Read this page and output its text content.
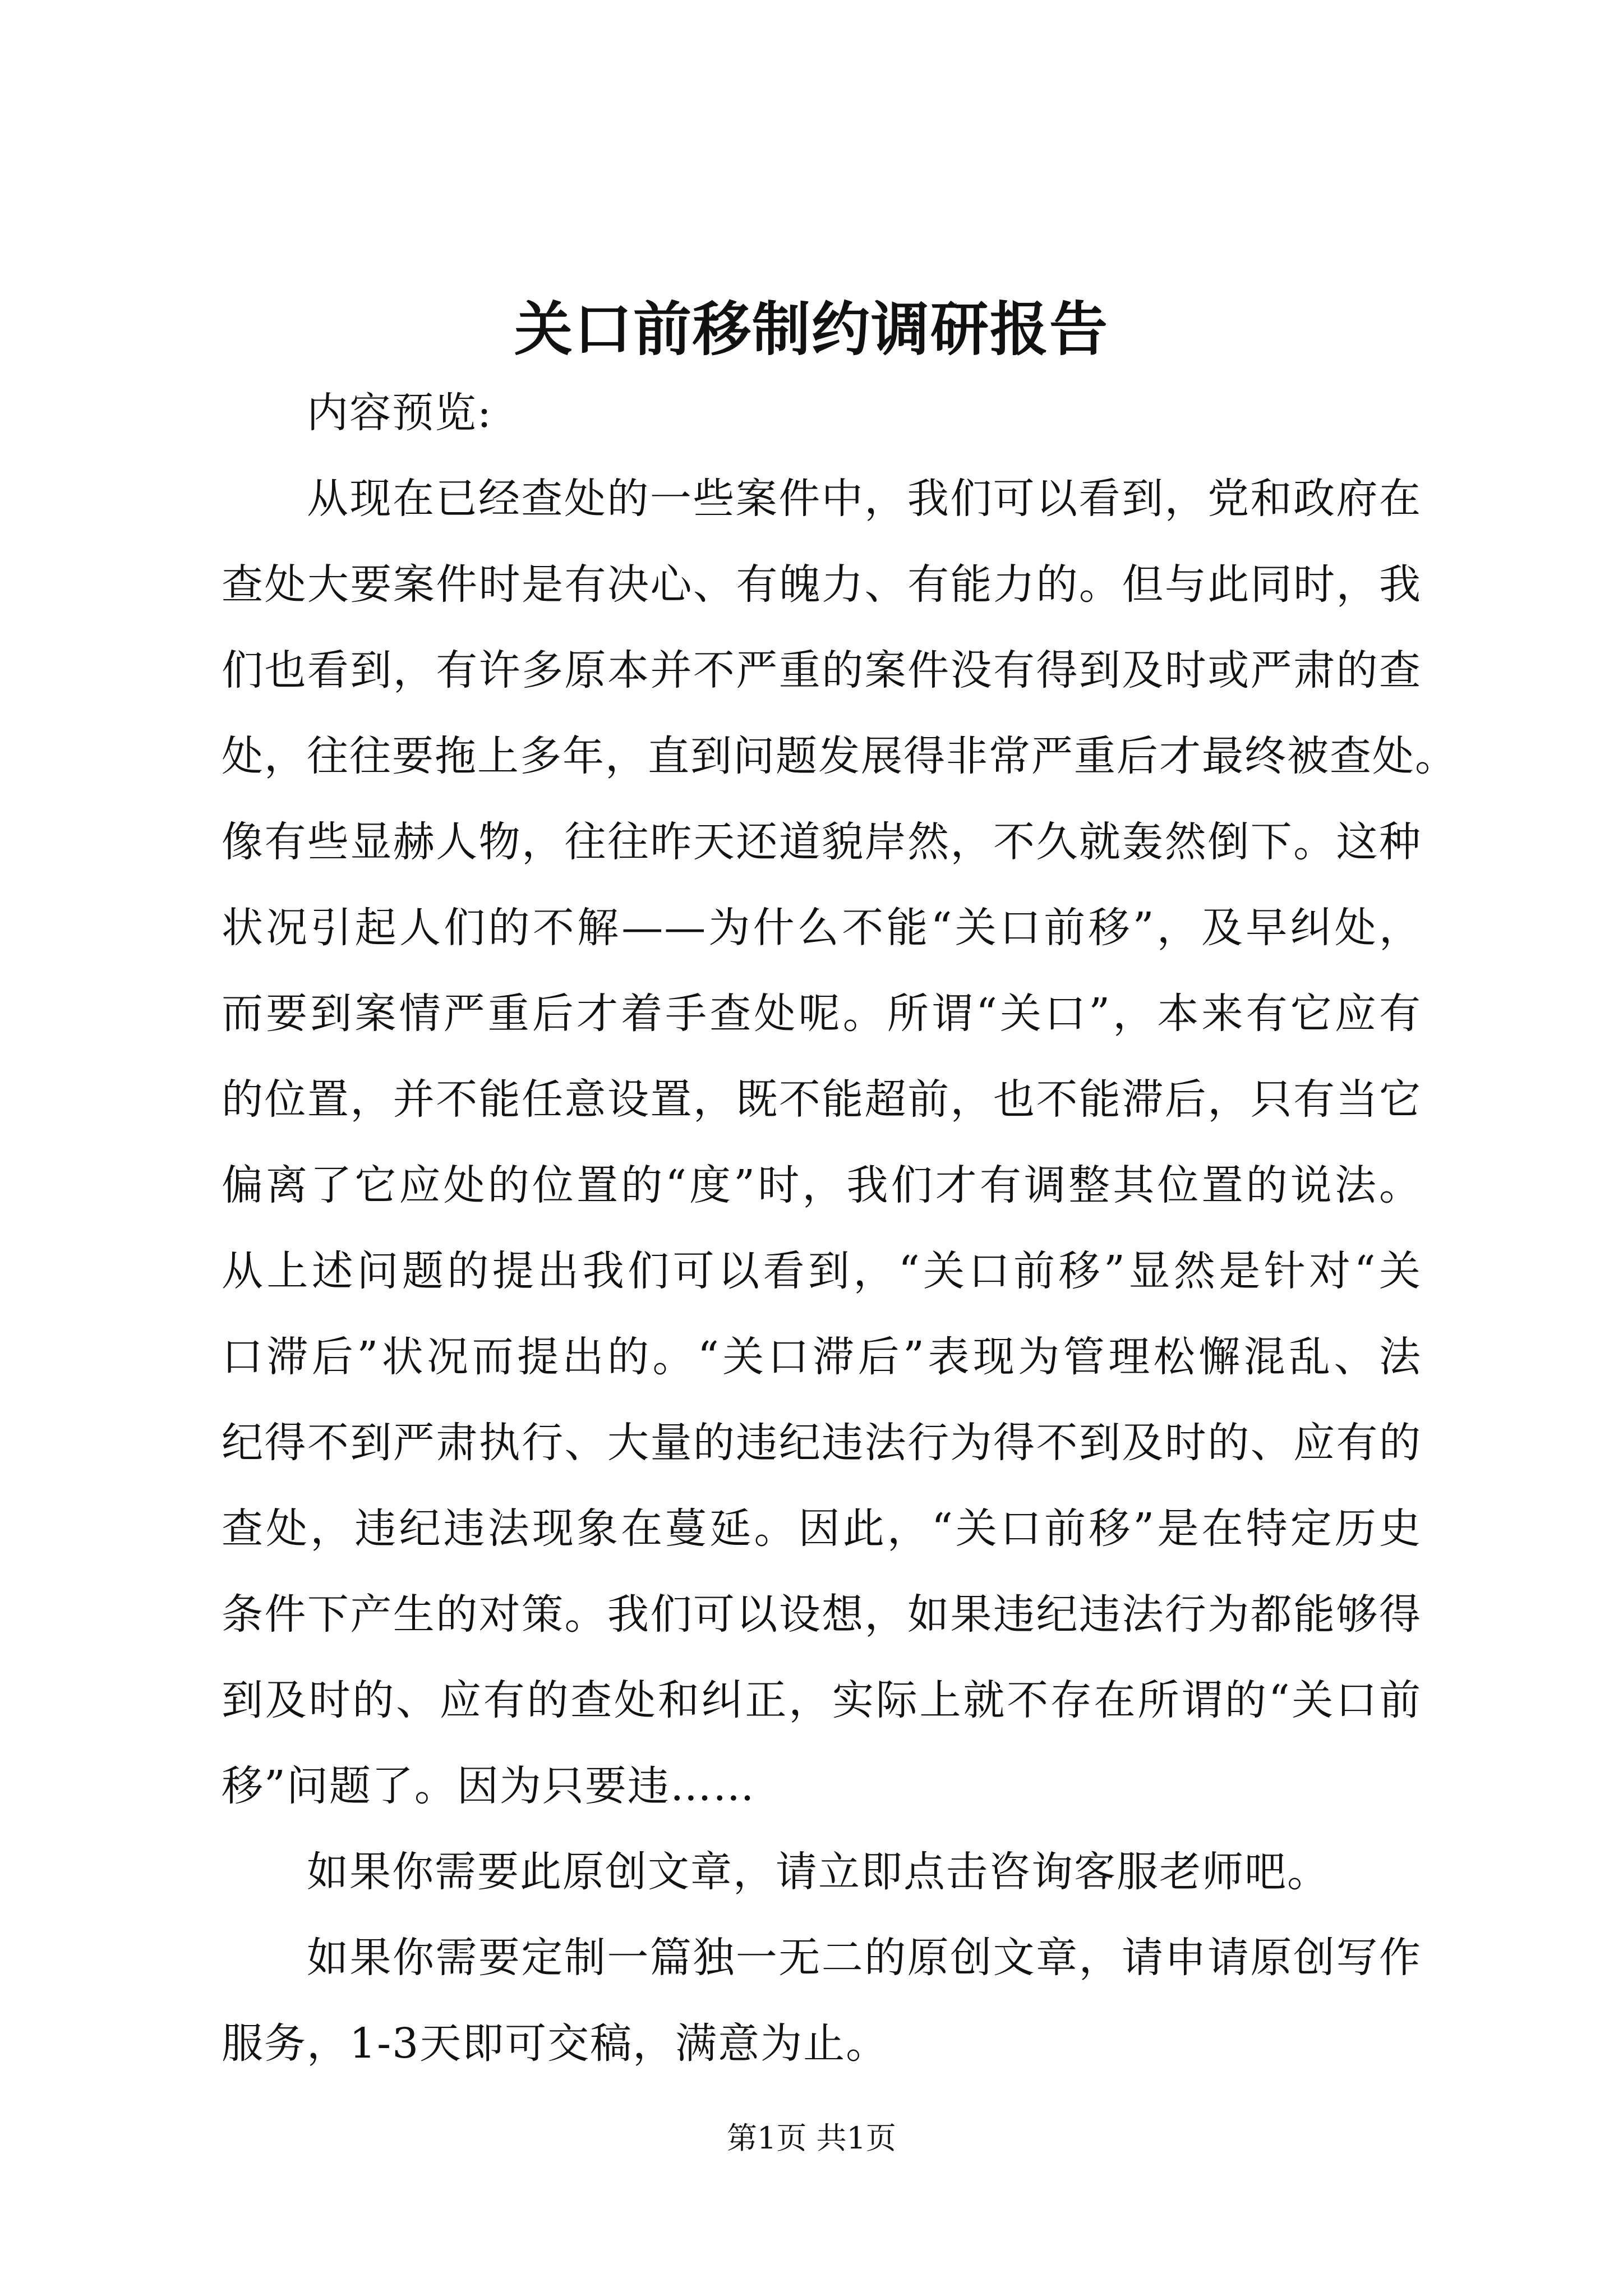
关口前移制约调研报告
内容预览:
从现在已经查处的一些案件中，我们可以看到，党和政府在
查处大要案件时是有决心、有魄力、有能力的。但与此同时，我
们也看到，有许多原本并不严重的案件没有得到及时或严肃的查
处，往往要拖上多年，直到问题发展得非常严重后才最终被查处。
像有些显赫人物，往往昨天还道貌岸然，不久就轰然倒下。这种
状况引起人们的不解——为什么不能“关口前移”，及早纠处，
而要到案情严重后才着手查处呢。所谓“关口”，本来有它应有
的位置，并不能任意设置，既不能超前，也不能滞后，只有当它
偏离了它应处的位置的“度”时，我们才有调整其位置的说法。
从上述问题的提出我们可以看到，“关口前移”显然是针对“关
口滞后”状况而提出的。“关口滞后”表现为管理松懈混乱、法
纪得不到严肃执行、大量的违纪违法行为得不到及时的、应有的
查处，违纪违法现象在蔓延。因此，“关口前移”是在特定历史
条件下产生的对策。我们可以设想，如果违纪违法行为都能够得
到及时的、应有的查处和纠正，实际上就不存在所谓的“关口前
移”问题了。因为只要违……
如果你需要此原创文章，请立即点击咨询客服老师吧。
如果你需要定制一篇独一无二的原创文章，请申请原创写作
服务，1-3天即可交稿，满意为止。
第1页 共1页
